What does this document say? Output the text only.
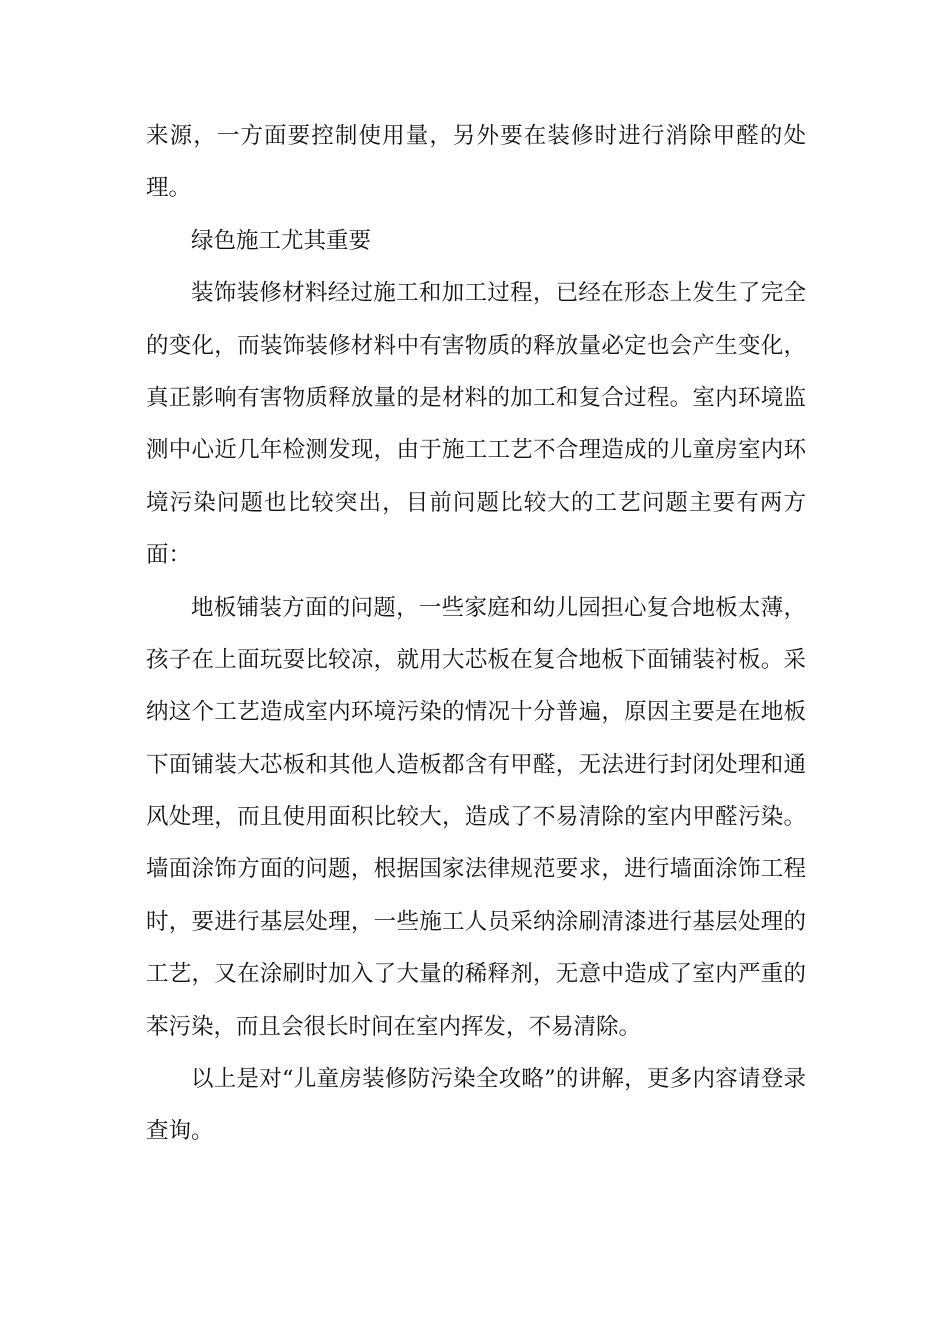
来源，一方面要控制使用量，另外要在装修时进行消除甲醛的处
理。
绿色施工尤其重要
装饰装修材料经过施工和加工过程，已经在形态上发生了完全
的变化，而装饰装修材料中有害物质的释放量必定也会产生变化，
真正影响有害物质释放量的是材料的加工和复合过程。室内环境监
测中心近几年检测发现，由于施工工艺不合理造成的儿童房室内环
境污染问题也比较突出，目前问题比较大的工艺问题主要有两方
面：
地板铺装方面的问题，一些家庭和幼儿园担心复合地板太薄，
孩子在上面玩耍比较凉，就用大芯板在复合地板下面铺装衬板。采
纳这个工艺造成室内环境污染的情况十分普遍，原因主要是在地板
下面铺装大芯板和其他人造板都含有甲醛，无法进行封闭处理和通
风处理，而且使用面积比较大，造成了不易清除的室内甲醛污染。
墙面涂饰方面的问题，根据国家法律规范要求，进行墙面涂饰工程
时，要进行基层处理，一些施工人员采纳涂刷清漆进行基层处理的
工艺，又在涂刷时加入了大量的稀释剂，无意中造成了室内严重的
苯污染，而且会很长时间在室内挥发，不易清除。
以上是对“儿童房装修防污染全攻略”的讲解，更多内容请登录
查询。
